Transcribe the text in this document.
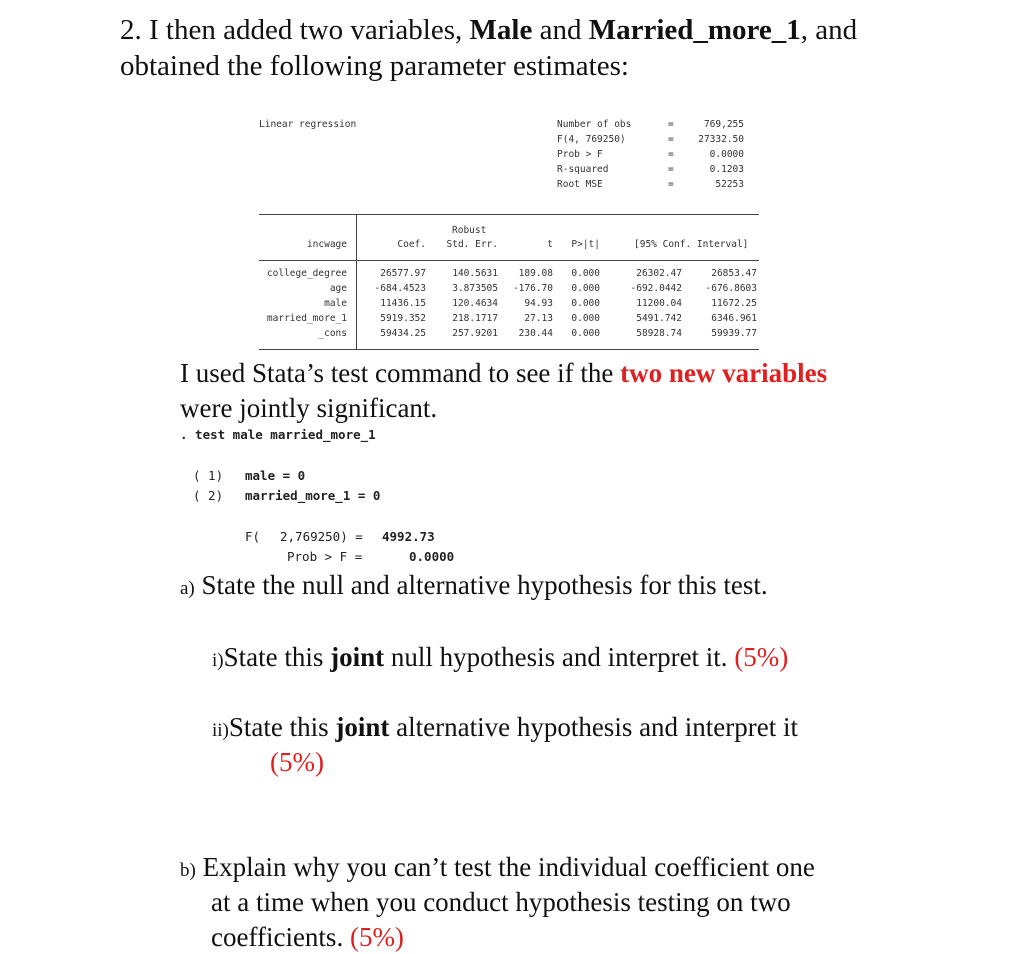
2. I then added two variables, Male and Married_more_1, and
obtained the following parameter estimates:
Linear regression	Number of obs	=	769,255
F(4, 769250)	=	27332.50
Prob > F	=	0.0000
R-squared	=	0.1203
Root MSE	=	52253
Robust
incwage	Coef.	Std. Err.	t	P>|t|	[95% Conf. Interval]
college_degree	26577.97	140.5631	189.08	0.000	26302.47	26853.47
age	-684.4523	3.873505	-176.70	0.000	-692.0442	-676.8603
male	11436.15	120.4634	94.93	0.000	11200.04	11672.25
married_more_1	5919.352	218.1717	27.13	0.000	5491.742	6346.961
_cons	59434.25	257.9201	230.44	0.000	58928.74	59939.77
I used Stata’s test command to see if the two new variables
were jointly significant.
. test male married_more_1
( 1) male = 0
( 2) married_more_1 = 0
F( 2,769250) = 4992.73
Prob > F =	0.0000
a) State the null and alternative hypothesis for this test.
i)State this joint null hypothesis and interpret it. (5%)
ii)State this joint alternative hypothesis and interpret it
(5%)
b) Explain why you can’t test the individual coefficient one
at a time when you conduct hypothesis testing on two
coefficients. (5%)
